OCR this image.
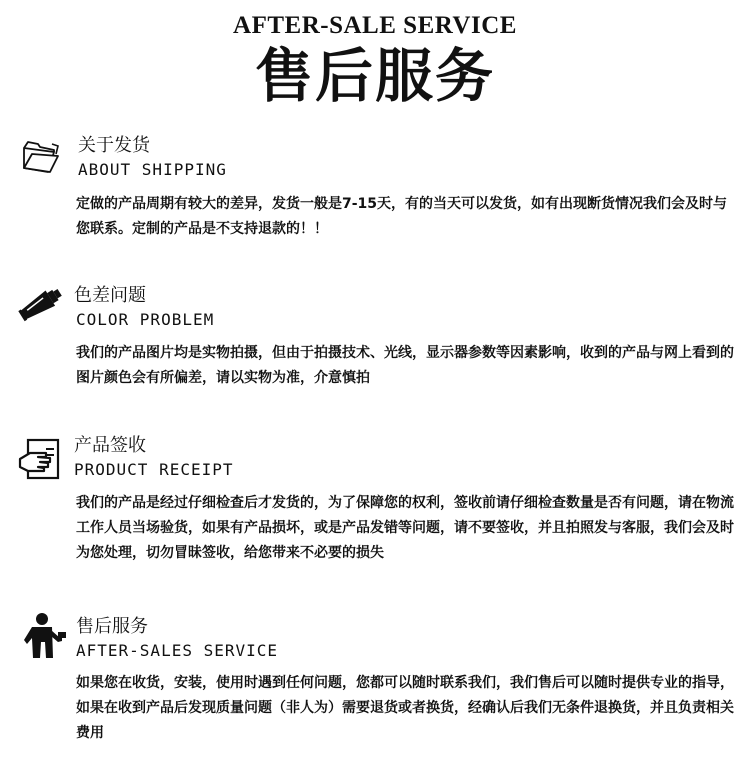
AFTER-SALE SERVICE
售后服务
关于发货
ABOUT SHIPPING
定做的产品周期有较大的差异，发货一般是7-15天，有的当天可以发货，如有出现断货情况我们会及时与您联系。定制的产品是不支持退款的！！
色差问题
COLOR PROBLEM
我们的产品图片均是实物拍摄，但由于拍摄技术、光线，显示器参数等因素影响，收到的产品与网上看到的图片颜色会有所偏差，请以实物为准，介意慎拍
产品签收
PRODUCT RECEIPT
我们的产品是经过仔细检查后才发货的，为了保障您的权利，签收前请仔细检查数量是否有问题，请在物流工作人员当场验货，如果有产品损坏，或是产品发错等问题，请不要签收，并且拍照发与客服，我们会及时为您处理，切勿冒昧签收，给您带来不必要的损失
售后服务
AFTER-SALES SERVICE
如果您在收货，安装，使用时遇到任何问题，您都可以随时联系我们，我们售后可以随时提供专业的指导，如果在收到产品后发现质量问题（非人为）需要退货或者换货，经确认后我们无条件退换货，并且负责相关费用
